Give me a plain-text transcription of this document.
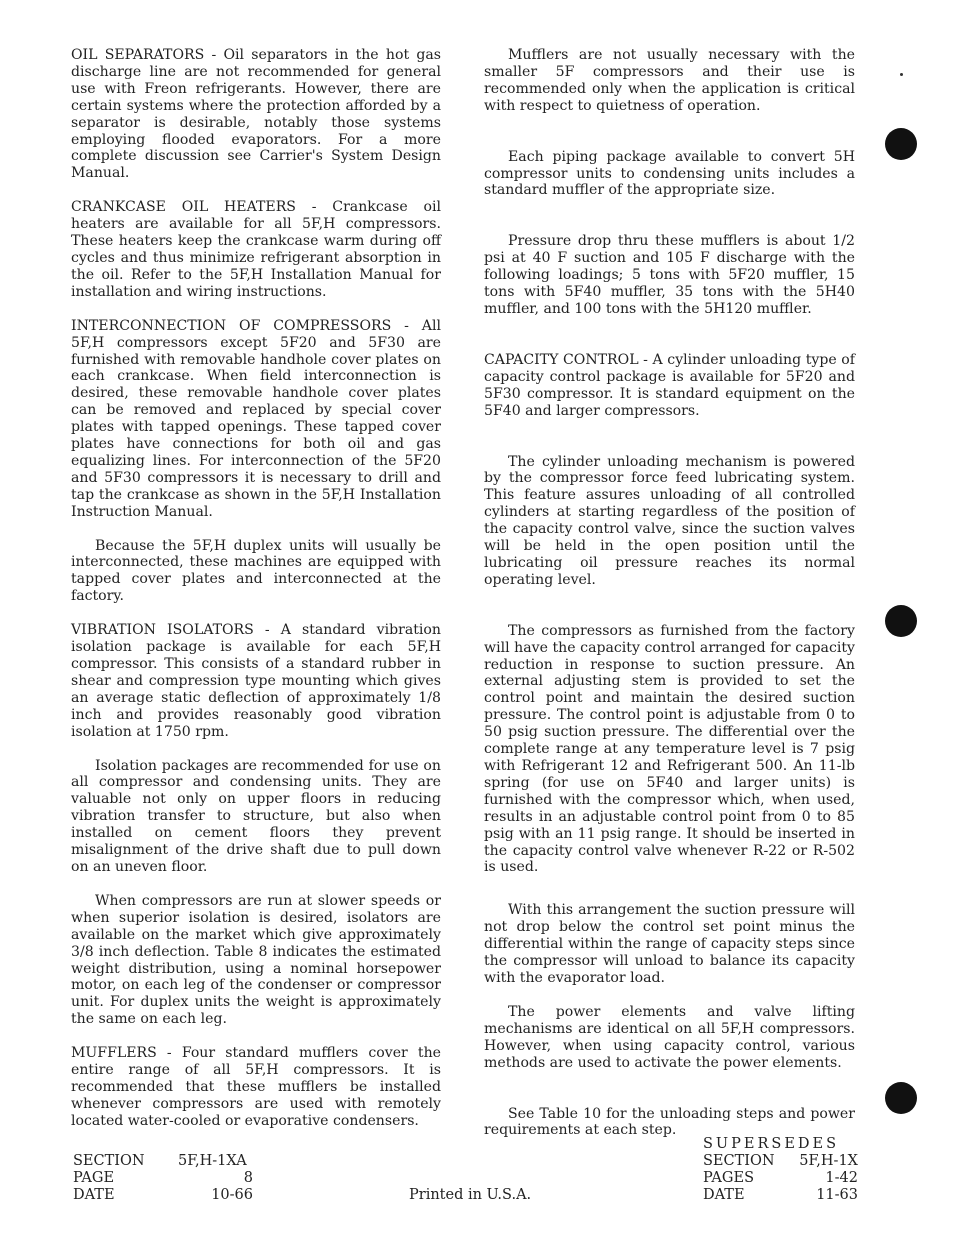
OIL SEPARATORS - Oil separators in the hot gas discharge line are not recommended for general use with Freon refrigerants. However, there are certain systems where the protection afforded by a separator is desirable, notably those systems employing flooded evaporators. For a more complete discussion see Carrier's System Design Manual.

CRANKCASE OIL HEATERS - Crankcase oil heaters are available for all 5F,H compressors. These heaters keep the crankcase warm during off cycles and thus minimize refrigerant absorption in the oil. Refer to the 5F,H Installation Manual for installation and wiring instructions.

INTERCONNECTION OF COMPRESSORS - All 5F,H compressors except 5F20 and 5F30 are furnished with removable handhole cover plates on each crankcase. When field interconnection is desired, these removable handhole cover plates can be removed and replaced by special cover plates with tapped openings. These tapped cover plates have connections for both oil and gas equalizing lines. For interconnection of the 5F20 and 5F30 compressors it is necessary to drill and tap the crankcase as shown in the 5F,H Installation Instruction Manual.

Because the 5F,H duplex units will usually be interconnected, these machines are equipped with tapped cover plates and interconnected at the factory.

VIBRATION ISOLATORS - A standard vibration isolation package is available for each 5F,H compressor. This consists of a standard rubber in shear and compression type mounting which gives an average static deflection of approximately 1/8 inch and provides reasonably good vibration isolation at 1750 rpm.

Isolation packages are recommended for use on all compressor and condensing units. They are valuable not only on upper floors in reducing vibration transfer to structure, but also when installed on cement floors they prevent misalignment of the drive shaft due to pull down on an uneven floor.

When compressors are run at slower speeds or when superior isolation is desired, isolators are available on the market which give approximately 3/8 inch deflection. Table 8 indicates the estimated weight distribution, using a nominal horsepower motor, on each leg of the condenser or compressor unit. For duplex units the weight is approximately the same on each leg.

MUFFLERS - Four standard mufflers cover the entire range of all 5F,H compressors. It is recommended that these mufflers be installed whenever compressors are used with remotely located water-cooled or evaporative condensers.

Mufflers are not usually necessary with the smaller 5F compressors and their use is recommended only when the application is critical with respect to quietness of operation.

Each piping package available to convert 5H compressor units to condensing units includes a standard muffler of the appropriate size.

Pressure drop thru these mufflers is about 1/2 psi at 40 F suction and 105 F discharge with the following loadings; 5 tons with 5F20 muffler, 15 tons with 5F40 muffler, 35 tons with the 5H40 muffler, and 100 tons with the 5H120 muffler.

CAPACITY CONTROL - A cylinder unloading type of capacity control package is available for 5F20 and 5F30 compressor. It is standard equipment on the 5F40 and larger compressors.

The cylinder unloading mechanism is powered by the compressor force feed lubricating system. This feature assures unloading of all controlled cylinders at starting regardless of the position of the capacity control valve, since the suction valves will be held in the open position until the lubricating oil pressure reaches its normal operating level.

The compressors as furnished from the factory will have the capacity control arranged for capacity reduction in response to suction pressure. An external adjusting stem is provided to set the control point and maintain the desired suction pressure. The control point is adjustable from 0 to 50 psig suction pressure. The differential over the complete range at any temperature level is 7 psig with Refrigerant 12 and Refrigerant 500. An 11-lb spring (for use on 5F40 and larger units) is furnished with the compressor which, when used, results in an adjustable control point from 0 to 85 psig with an 11 psig range. It should be inserted in the capacity control valve whenever R-22 or R-502 is used.

With this arrangement the suction pressure will not drop below the control set point minus the differential within the range of capacity steps since the compressor will unload to balance its capacity with the evaporator load.

The power elements and valve lifting mechanisms are identical on all 5F,H compressors. However, when using capacity control, various methods are used to activate the power elements.

See Table 10 for the unloading steps and power requirements at each step.

SECTION	5F,H-1XA
PAGE	8
DATE	10-66	Printed in U.S.A.
SUPERSEDES
SECTION	5F,H-1X
PAGES	1-42
DATE	11-63
